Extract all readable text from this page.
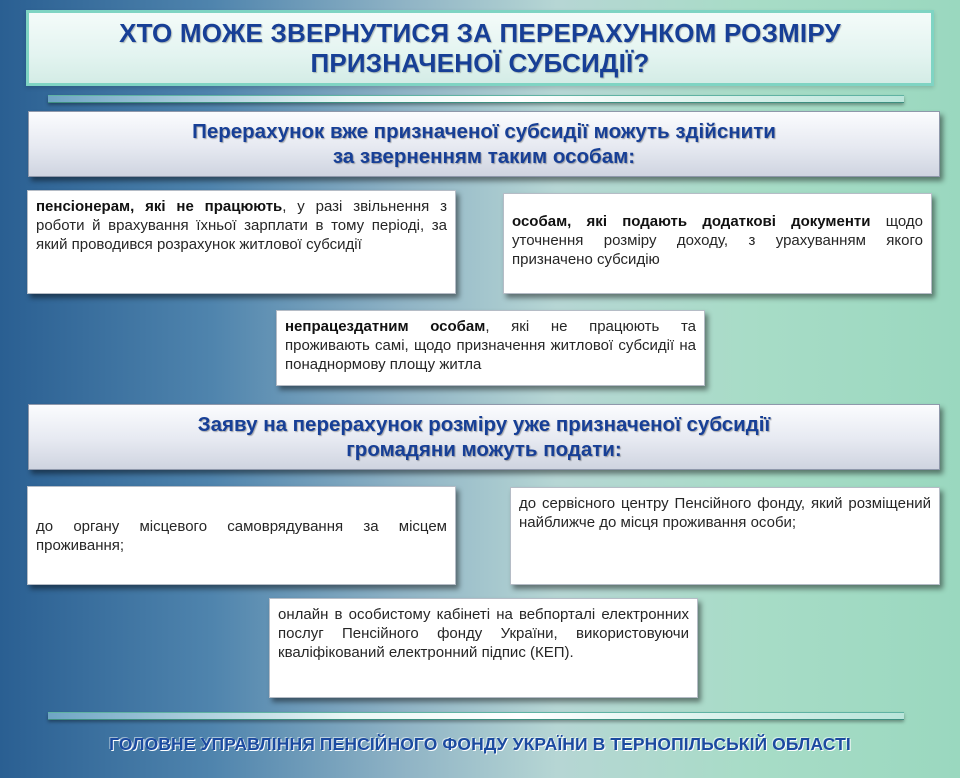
ХТО МОЖЕ ЗВЕРНУТИСЯ ЗА ПЕРЕРАХУНКОМ РОЗМІРУ
ПРИЗНАЧЕНОЇ СУБСИДІЇ?
Перерахунок вже призначеної субсидії можуть здійснити
за зверненням таким особам:
пенсіонерам, які не працюють, у разі звільнення з роботи й врахування їхньої зарплати в тому періоді, за який проводився розрахунок житлової субсидії
особам, які подають додаткові документи щодо уточнення розміру доходу, з урахуванням якого призначено субсидію
непрацездатним особам, які не працюють та проживають самі, щодо призначення житлової субсидії на понаднормову площу житла
Заяву на перерахунок розміру уже призначеної субсидії
громадяни можуть подати:
до органу місцевого самоврядування за місцем проживання;
до сервісного центру Пенсійного фонду, який розміщений найближче до місця проживання особи;
онлайн в особистому кабінеті на вебпорталі електронних послуг Пенсійного фонду України, використовуючи кваліфікований електронний підпис (КЕП).
ГОЛОВНЕ УПРАВЛІННЯ ПЕНСІЙНОГО ФОНДУ УКРАЇНИ В ТЕРНОПІЛЬСЬКІЙ ОБЛАСТІ
